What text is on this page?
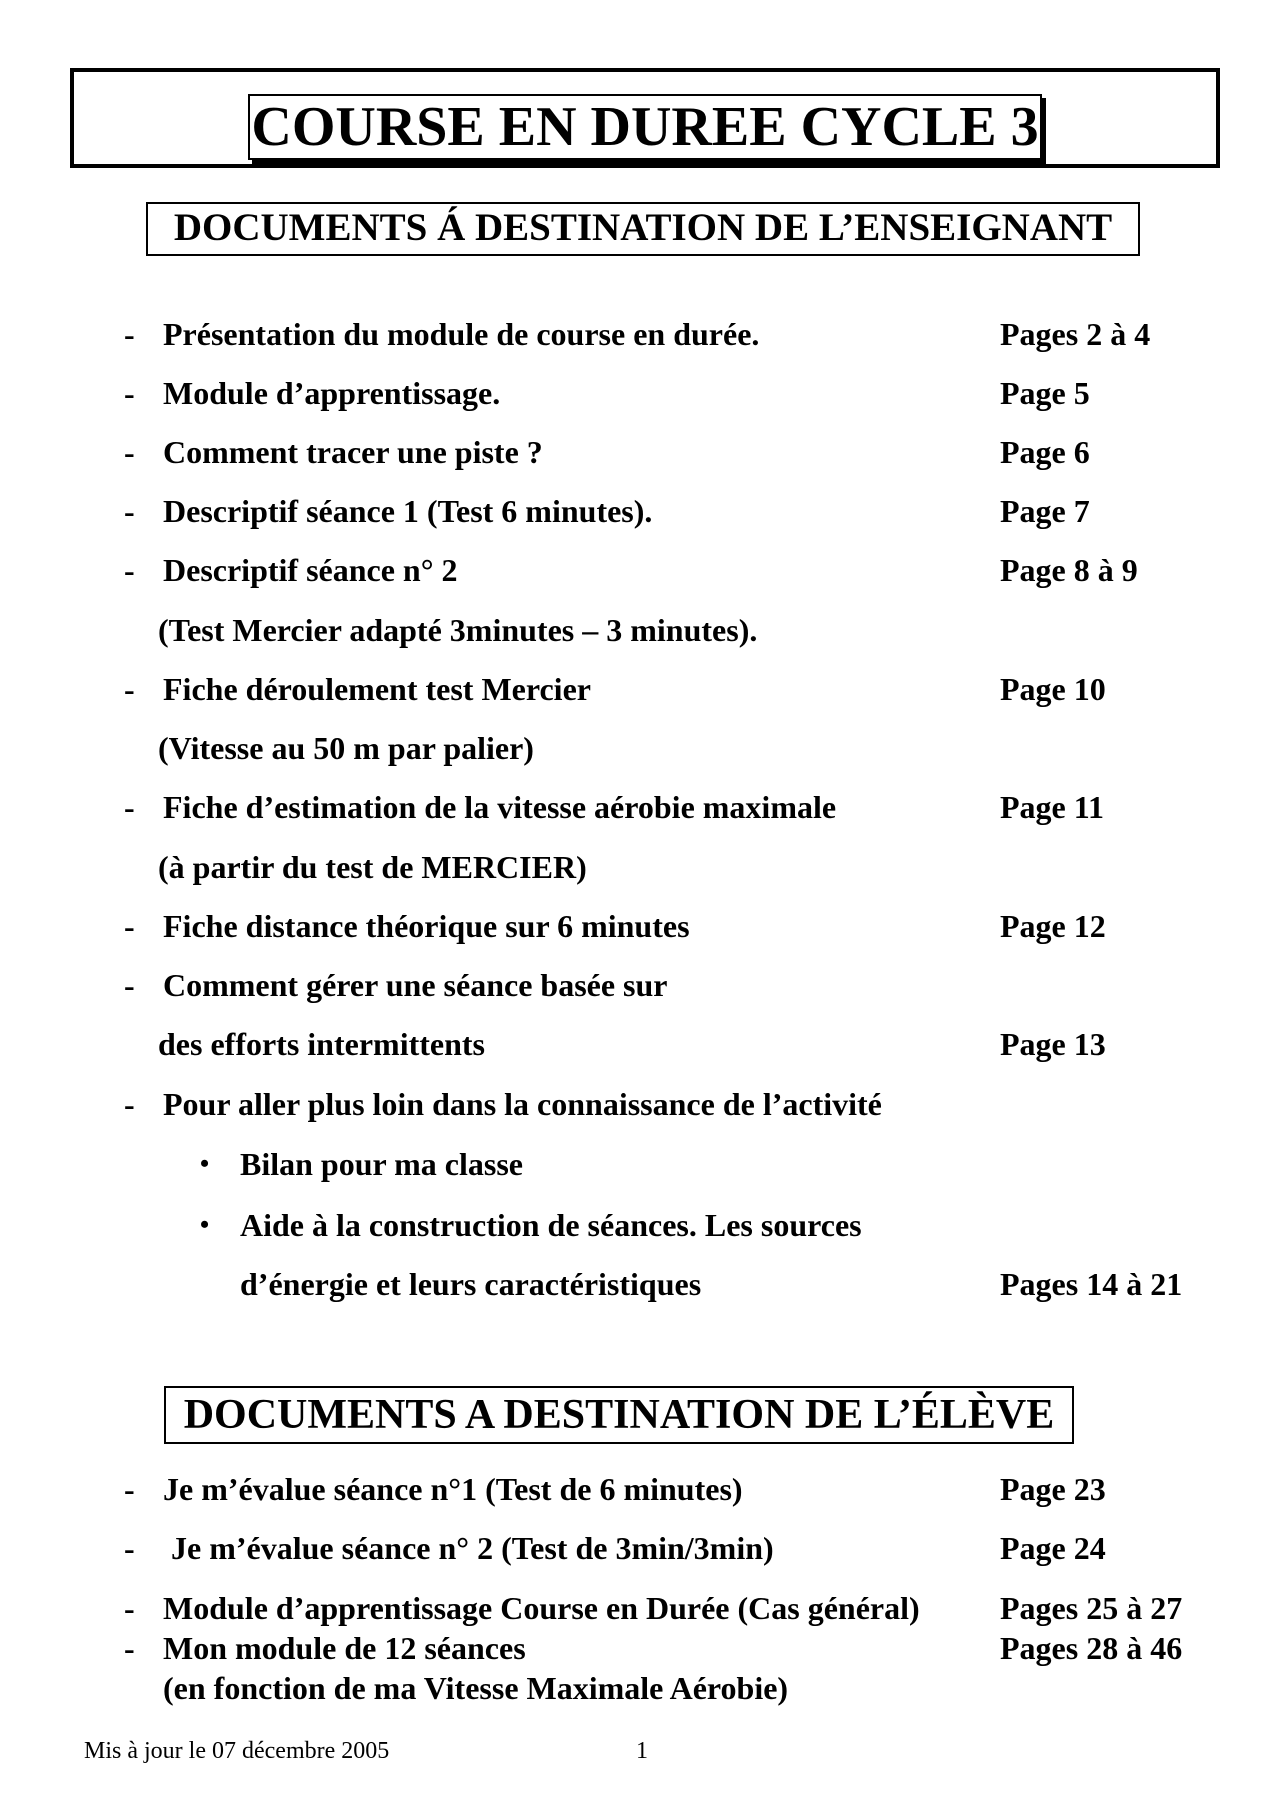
COURSE EN DUREE CYCLE 3
DOCUMENTS Á DESTINATION DE L’ENSEIGNANT
- Présentation du module de course en durée.	Pages 2 à 4
- Module d’apprentissage.	Page 5
- Comment tracer une piste ?	Page 6
- Descriptif séance 1 (Test 6 minutes).	Page 7
- Descriptif séance n° 2	Page 8 à 9
(Test Mercier adapté 3minutes – 3 minutes).
- Fiche déroulement test Mercier	Page 10
(Vitesse au 50 m par palier)
- Fiche d’estimation de la vitesse aérobie maximale	Page 11
(à partir du test de MERCIER)
- Fiche distance théorique sur 6 minutes	Page 12
- Comment gérer une séance basée sur
des efforts intermittents	Page 13
- Pour aller plus loin dans la connaissance de l’activité
• Bilan pour ma classe
• Aide à la construction de séances. Les sources
d’énergie et leurs caractéristiques	Pages 14 à 21
DOCUMENTS A DESTINATION DE L’ÉLÈVE
- Je m’évalue séance n°1 (Test de 6 minutes)	Page 23
- Je m’évalue séance n° 2 (Test de 3min/3min)	Page 24
- Module d’apprentissage Course en Durée (Cas général)	Pages 25 à 27
- Mon module de 12 séances	Pages 28 à 46
(en fonction de ma Vitesse Maximale Aérobie)
Mis à jour le 07 décembre 2005	1
